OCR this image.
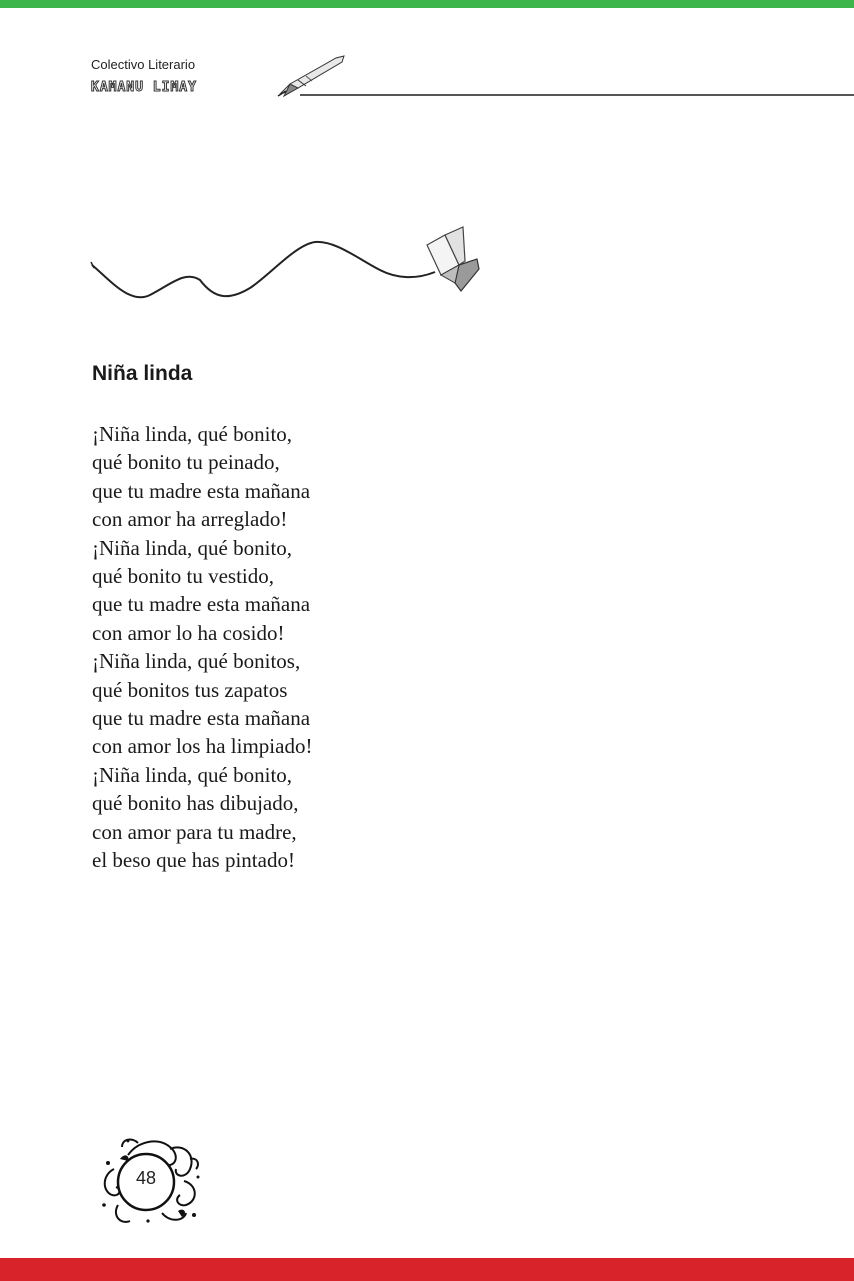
Colectivo Literario
KAMANU LIMAY
Niña linda
¡Niña linda, qué bonito,
qué bonito tu peinado,
que tu madre esta mañana
con amor ha arreglado!
¡Niña linda, qué bonito,
qué bonito tu vestido,
que tu madre esta mañana
con amor lo ha cosido!
¡Niña linda, qué bonitos,
qué bonitos tus zapatos
que tu madre esta mañana
con amor los ha limpiado!
¡Niña linda, qué bonito,
qué bonito has dibujado,
con amor para tu madre,
el beso que has pintado!
48
